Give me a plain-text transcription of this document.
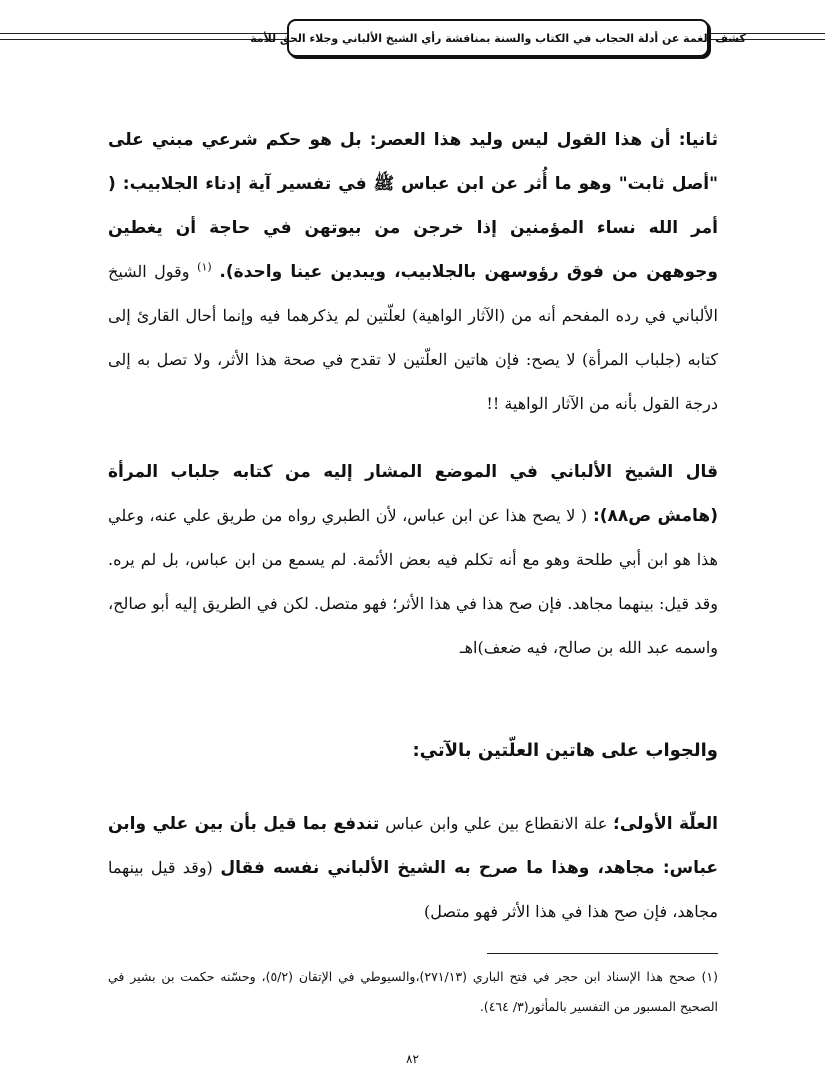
كشف الغمة عن أدلة الحجاب في الكتاب والسنة بمناقشة رأي الشيخ الألباني وجلاء الحق للأمة
ثانيا: أن هذا القول ليس وليد هذا العصر: بل هو حكم شرعي مبني على "أصل ثابت" وهو ما أُثر عن ابن عباس ﷺ في تفسير آية إدناء الجلابيب: ( أمر الله نساء المؤمنين إذا خرجن من بيوتهن في حاجة أن يغطين وجوههن من فوق رؤوسهن بالجلابيب، ويبدين عينا واحدة). $^{(١)}$ وقول الشيخ الألباني في رده المفحم أنه من (الآثار الواهية) لعلّتين لم يذكرهما فيه وإنما أحال القارئ إلى كتابه (جلباب المرأة) لا يصح: فإن هاتين العلّتين لا تقدح في صحة هذا الأثر، ولا تصل به إلى درجة القول بأنه من الآثار الواهية !!
قال الشيخ الألباني في الموضع المشار إليه من كتابه جلباب المرأة (هامش ص٨٨): ( لا يصح هذا عن ابن عباس، لأن الطبري رواه من طريق علي عنه، وعلي هذا هو ابن أبي طلحة وهو مع أنه تكلم فيه بعض الأئمة. لم يسمع من ابن عباس، بل لم يره. وقد قيل: بينهما مجاهد. فإن صح هذا في هذا الأثر؛ فهو متصل. لكن في الطريق إليه أبو صالح، واسمه عبد الله بن صالح، فيه ضعف)اهـ
والجواب على هاتين العلّتين بالآتي:
العلّة الأولى؛ علة الانقطاع بين علي وابن عباس تندفع بما قيل بأن بين علي وابن عباس: مجاهد، وهذا ما صرح به الشيخ الألباني نفسه فقال (وقد قيل بينهما مجاهد، فإن صح هذا في هذا الأثر فهو متصل)
(١) صحح هذا الإسناد ابن حجر في فتح الباري (٢٧١/١٣)،والسيوطي في الإتقان (٥/٢)، وحسّنه حكمت بن بشير في الصحيح المسبور من التفسير بالمأثور(٣/ ٤٦٤).
٨٢
